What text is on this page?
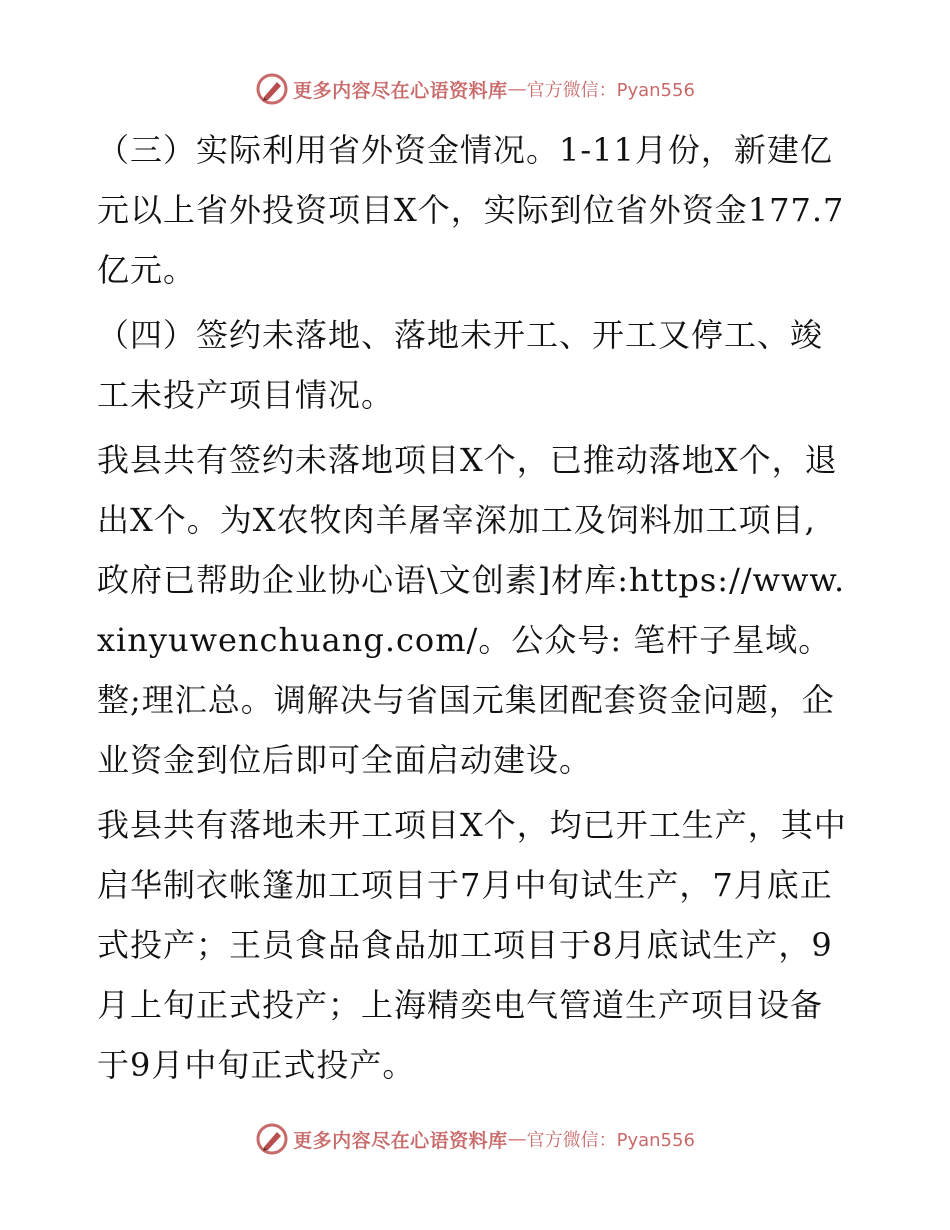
更多内容尽在心语资料库 — 官方微信：Pyan556

（三）实际利用省外资金情况。1-11月份，新建亿元以上省外投资项目X个，实际到位省外资金177.7亿元。

（四）签约未落地、落地未开工、开工又停工、竣工未投产项目情况。

我县共有签约未落地项目X个，已推动落地X个，退出X个。为X农牧肉羊屠宰深加工及饲料加工项目,政府已帮助企业协心语\文创素]材库:https://www.xinyuwenchuang.com/。公众号: 笔杆子星域。整;理汇总。调解决与省国元集团配套资金问题，企业资金到位后即可全面启动建设。

我县共有落地未开工项目X个，均已开工生产，其中启华制衣帐篷加工项目于7月中旬试生产，7月底正式投产；王员食品食品加工项目于8月底试生产，9月上旬正式投产；上海精奕电气管道生产项目设备于9月中旬正式投产。

更多内容尽在心语资料库 — 官方微信：Pyan556
